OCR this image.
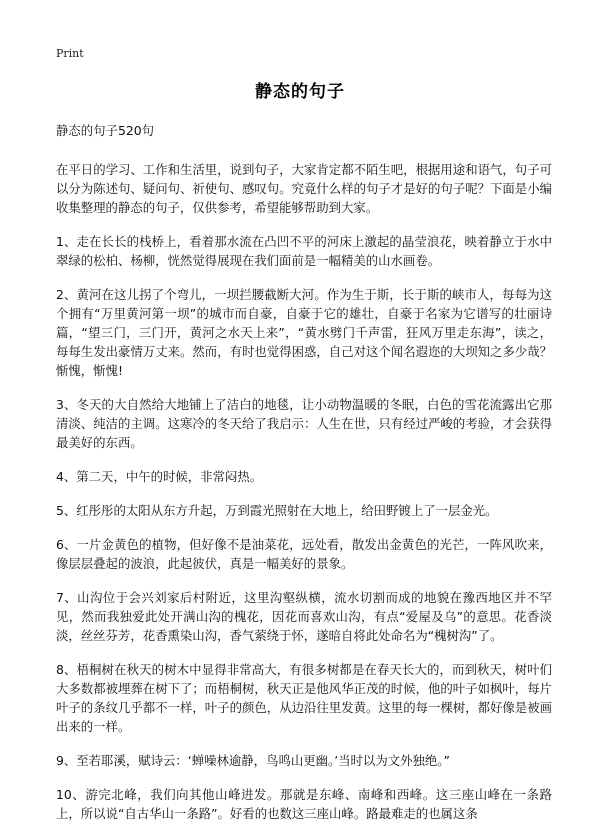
Print
静态的句子
静态的句子520句
在平日的学习、工作和生活里，说到句子，大家肯定都不陌生吧，根据用途和语气，句子可以分为陈述句、疑问句、祈使句、感叹句。究竟什么样的句子才是好的句子呢？下面是小编收集整理的静态的句子，仅供参考，希望能够帮助到大家。
1、走在长长的栈桥上，看着那水流在凸凹不平的河床上激起的晶莹浪花，映着静立于水中翠绿的松柏、杨柳，恍然觉得展现在我们面前是一幅精美的山水画卷。
2、黄河在这儿拐了个弯儿，一坝拦腰截断大河。作为生于斯，长于斯的峡市人，每每为这个拥有“万里黄河第一坝”的城市而自豪，自豪于它的雄壮，自豪于名家为它谱写的壮丽诗篇，“望三门，三门开，黄河之水天上来”，“黄水劈门千声雷，狂风万里走东海”，读之，每每生发出豪情万丈来。然而，有时也觉得困惑，自己对这个闻名遐迩的大坝知之多少哉？惭愧，惭愧!
3、冬天的大自然给大地铺上了洁白的地毯，让小动物温暖的冬眠，白色的雪花流露出它那清淡、纯洁的主调。这寒冷的冬天给了我启示：人生在世，只有经过严峻的考验，才会获得最美好的东西。
4、第二天，中午的时候，非常闷热。
5、红彤彤的太阳从东方升起，万到霞光照射在大地上，给田野镀上了一层金光。
6、一片金黄色的植物，但好像不是油菜花，远处看，散发出金黄色的光芒，一阵风吹来，像层层叠起的波浪，此起彼伏，真是一幅美好的景象。
7、山沟位于会兴刘家后村附近，这里沟壑纵横，流水切割而成的地貌在豫西地区并不罕见，然而我独爱此处开满山沟的槐花，因花而喜欢山沟，有点“爱屋及乌”的意思。花香淡淡，丝丝芬芳，花香熏染山沟，香气萦绕于怀，遂暗自将此处命名为“槐树沟”了。
8、梧桐树在秋天的树木中显得非常高大，有很多树都是在春天长大的，而到秋天，树叶们大多数都被埋葬在树下了；而梧桐树，秋天正是他风华正茂的时候，他的叶子如枫叶，每片叶子的条纹几乎都不一样，叶子的颜色，从边沿往里发黄。这里的每一棵树，都好像是被画出来的一样。
9、至若耶溪，赋诗云：‘蝉噪林逾静，鸟鸣山更幽。’当时以为文外独绝。”
10、游完北峰，我们向其他山峰进发。那就是东峰、南峰和西峰。这三座山峰在一条路上，所以说“自古华山一条路”。好看的也数这三座山峰。路最难走的也属这条
